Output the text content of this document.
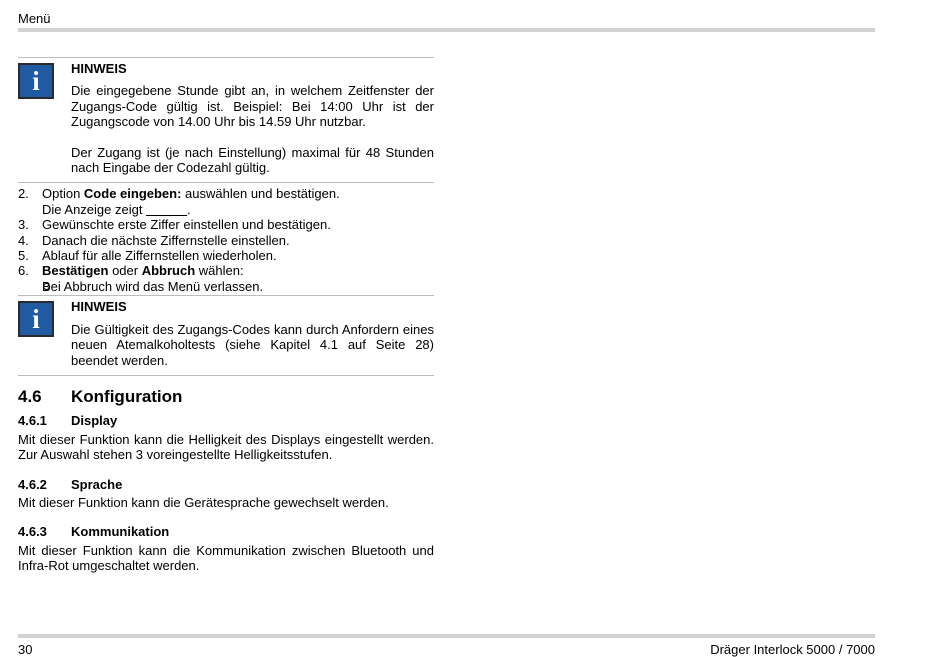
Menü
i	HINWEIS

Die eingegebene Stunde gibt an, in welchem Zeitfenster der Zugangs-Code gültig ist. Beispiel: Bei 14:00 Uhr ist der Zugangscode von 14.00 Uhr bis 14.59 Uhr nutzbar.

Der Zugang ist (je nach Einstellung) maximal für 48 Stunden nach Eingabe der Codezahl gültig.

2. Option Code eingeben: auswählen und bestätigen.
Die Anzeige zeigt ____.
3. Gewünschte erste Ziffer einstellen und bestätigen.
4. Danach die nächste Ziffernstelle einstellen.
5. Ablauf für alle Ziffernstellen wiederholen.
6. Bestätigen oder Abbruch wählen:
Bei Abbruch wird das Menü verlassen.
i	HINWEIS

Die Gültigkeit des Zugangs-Codes kann durch Anfordern eines neuen Atemalkoholtests (siehe Kapitel 4.1 auf Seite 28) beendet werden.

4.6 Konfiguration
4.6.1 Display

Mit dieser Funktion kann die Helligkeit des Displays eingestellt werden. Zur Auswahl stehen 3 voreingestellte Helligkeitsstufen.

4.6.2 Sprache

Mit dieser Funktion kann die Gerätesprache gewechselt werden.

4.6.3 Kommunikation

Mit dieser Funktion kann die Kommunikation zwischen Bluetooth und Infra-Rot umgeschaltet werden.

30	Dräger Interlock 5000 / 7000
